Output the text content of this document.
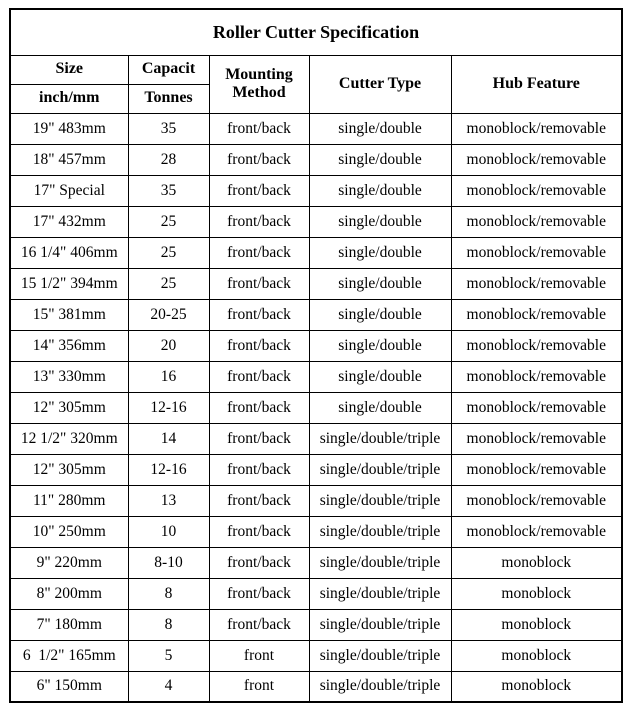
Roller Cutter Specification				
Size	Capacit	Mounting Method	Cutter Type	Hub Feature
inch/mm	Tonnes			
19" 483mm	35	front/back	single/double	monoblock/removable
18" 457mm	28	front/back	single/double	monoblock/removable
17" Special	35	front/back	single/double	monoblock/removable
17" 432mm	25	front/back	single/double	monoblock/removable
16 1/4" 406mm	25	front/back	single/double	monoblock/removable
15 1/2" 394mm	25	front/back	single/double	monoblock/removable
15" 381mm	20-25	front/back	single/double	monoblock/removable
14" 356mm	20	front/back	single/double	monoblock/removable
13" 330mm	16	front/back	single/double	monoblock/removable
12" 305mm	12-16	front/back	single/double	monoblock/removable
12 1/2" 320mm	14	front/back	single/double/triple	monoblock/removable
12" 305mm	12-16	front/back	single/double/triple	monoblock/removable
11" 280mm	13	front/back	single/double/triple	monoblock/removable
10" 250mm	10	front/back	single/double/triple	monoblock/removable
9" 220mm	8-10	front/back	single/double/triple	monoblock
8" 200mm	8	front/back	single/double/triple	monoblock
7" 180mm	8	front/back	single/double/triple	monoblock
6  1/2" 165mm	5	front	single/double/triple	monoblock
6" 150mm	4	front	single/double/triple	monoblock
